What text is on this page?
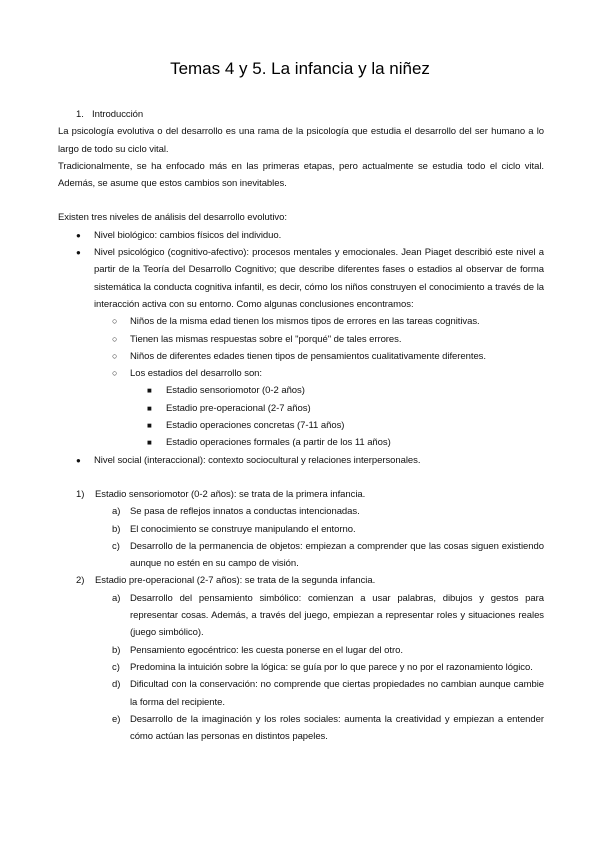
Temas 4 y 5. La infancia y la niñez

1. Introducción

La psicología evolutiva o del desarrollo es una rama de la psicología que estudia el desarrollo del ser humano a lo largo de todo su ciclo vital.

Tradicionalmente, se ha enfocado más en las primeras etapas, pero actualmente se estudia todo el ciclo vital. Además, se asume que estos cambios son inevitables.

Existen tres niveles de análisis del desarrollo evolutivo:

● Nivel biológico: cambios físicos del individuo.
● Nivel psicológico (cognitivo-afectivo): procesos mentales y emocionales. Jean Piaget describió este nivel a partir de la Teoría del Desarrollo Cognitivo; que describe diferentes fases o estadios al observar de forma sistemática la conducta cognitiva infantil, es decir, cómo los niños construyen el conocimiento a través de la interacción activa con su entorno. Como algunas conclusiones encontramos:
○ Niños de la misma edad tienen los mismos tipos de errores en las tareas cognitivas.
○ Tienen las mismas respuestas sobre el "porqué" de tales errores.
○ Niños de diferentes edades tienen tipos de pensamientos cualitativamente diferentes.
○ Los estadios del desarrollo son:
■ Estadio sensoriomotor (0-2 años)
■ Estadio pre-operacional (2-7 años)
■ Estadio operaciones concretas (7-11 años)
■ Estadio operaciones formales (a partir de los 11 años)
● Nivel social (interaccional): contexto sociocultural y relaciones interpersonales.
1) Estadio sensoriomotor (0-2 años): se trata de la primera infancia.
a) Se pasa de reflejos innatos a conductas intencionadas.
b) El conocimiento se construye manipulando el entorno.
c) Desarrollo de la permanencia de objetos: empiezan a comprender que las cosas siguen existiendo aunque no estén en su campo de visión.
2) Estadio pre-operacional (2-7 años): se trata de la segunda infancia.
a) Desarrollo del pensamiento simbólico: comienzan a usar palabras, dibujos y gestos para representar cosas. Además, a través del juego, empiezan a representar roles y situaciones reales (juego simbólico).
b) Pensamiento egocéntrico: les cuesta ponerse en el lugar del otro.
c) Predomina la intuición sobre la lógica: se guía por lo que parece y no por el razonamiento lógico.
d) Dificultad con la conservación: no comprende que ciertas propiedades no cambian aunque cambie la forma del recipiente.
e) Desarrollo de la imaginación y los roles sociales: aumenta la creatividad y empiezan a entender cómo actúan las personas en distintos papeles.
